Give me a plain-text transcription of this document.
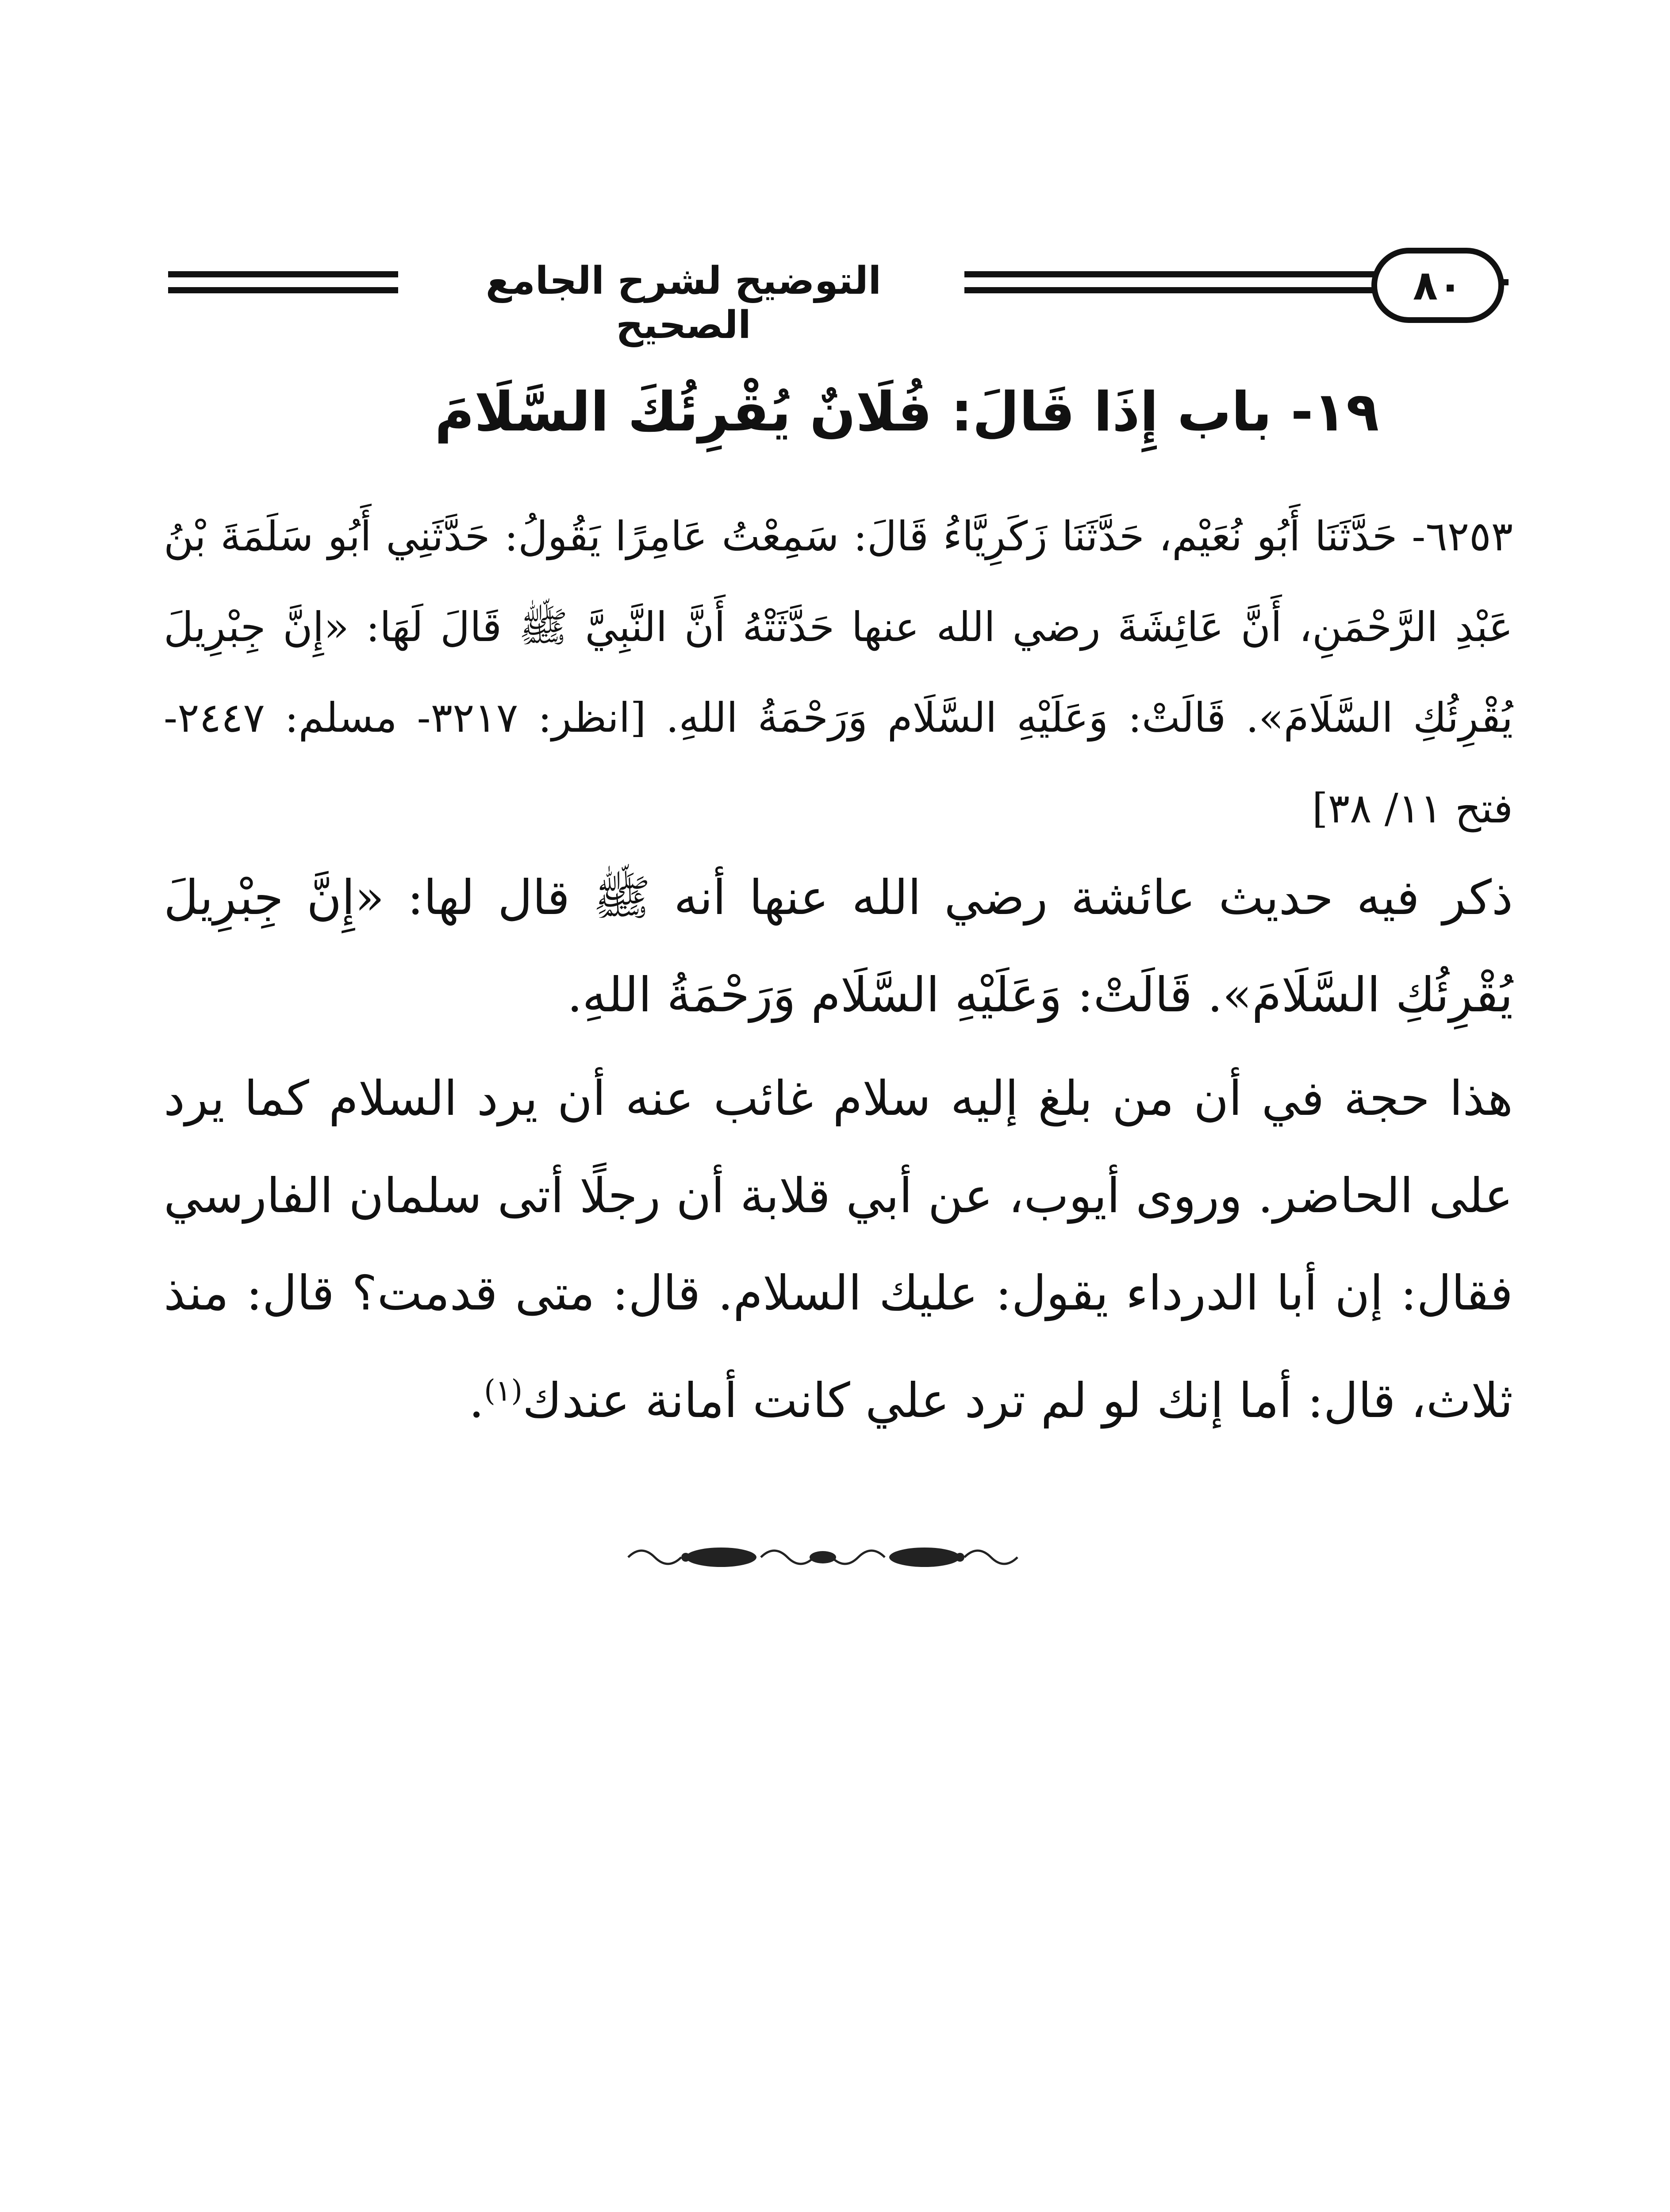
التوضيح لشرح الجامع الصحيح
٨٠
١٩- باب إِذَا قَالَ: فُلَانٌ يُقْرِئُكَ السَّلَامَ
٦٢٥٣- حَدَّثَنَا أَبُو نُعَيْم، حَدَّثَنَا زَكَرِيَّاءُ قَالَ: سَمِعْتُ عَامِرًا يَقُولُ: حَدَّثَنِي أَبُو سَلَمَةَ بْنُ عَبْدِ الرَّحْمَنِ، أَنَّ عَائِشَةَ رضي الله عنها حَدَّثَتْهُ أَنَّ النَّبِيَّ ﷺ قَالَ لَهَا: «إِنَّ جِبْرِيلَ يُقْرِئُكِ السَّلَامَ». قَالَتْ: وَعَلَيْهِ السَّلَام وَرَحْمَةُ اللهِ. [انظر: ٣٢١٧- مسلم: ٢٤٤٧- فتح ١١/ ٣٨]

ذكر فيه حديث عائشة رضي الله عنها أنه ﷺ قال لها: «إِنَّ جِبْرِيلَ يُقْرِئُكِ السَّلَامَ». قَالَتْ: وَعَلَيْهِ السَّلَام وَرَحْمَةُ اللهِ.

هذا حجة في أن من بلغ إليه سلام غائب عنه أن يرد السلام كما يرد على الحاضر. وروى أيوب، عن أبي قلابة أن رجلًا أتى سلمان الفارسي فقال: إن أبا الدرداء يقول: عليك السلام. قال: متى قدمت؟ قال: منذ ثلاث، قال: أما إنك لو لم ترد علي كانت أمانة عندك$^{(١)}$.
